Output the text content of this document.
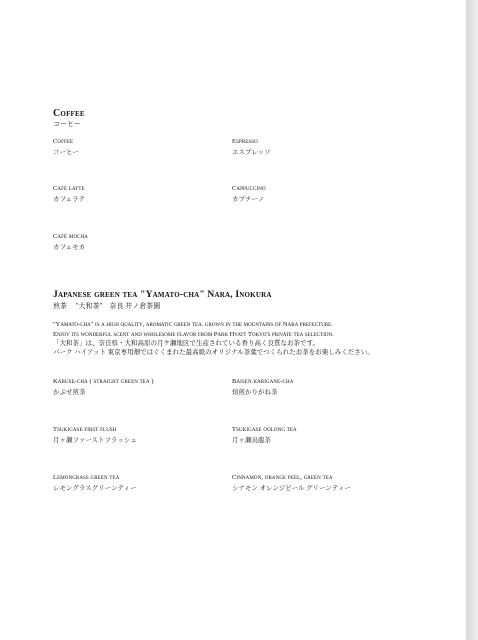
Coffee
コーヒー
Coffee
コーヒー
Espresso
エスプレッソ
Café latte
カフェラテ
Cappuccino
カプチーノ
Café mocha
カフェモカ
Japanese green tea "Yamato-cha" Nara, Inokura
煎茶　 "大和茶"　奈良 井ノ倉茶園
"Yamato-cha" is a high quality, aromatic green tea. grown in the mountains of Nara prefecture.
Enjoy its wonderful scent and wholesome flavor from Park Hyatt Tokyo's private tea selection.
「大和茶」は、奈良県・大和高原の月ケ瀬地区で生産されている香り高く良質なお茶です。
パーク ハイアット 東京専用畑ではぐくまれた最高級のオリジナル茶葉でつくられたお茶をお楽しみください。
Kabuse-cha ( straight green tea )
かぶせ煎茶
Baisen karigane-cha
焙煎かりがね茶
Tsukigase first flush
月ヶ瀬ファーストフラッシュ
Tsukigase oolong tea
月ヶ瀬烏龍茶
Lemongrass green tea
レモングラスグリーンティー
Cinnamon, orange peel, green tea
シナモン オレンジピール グリーンティー
